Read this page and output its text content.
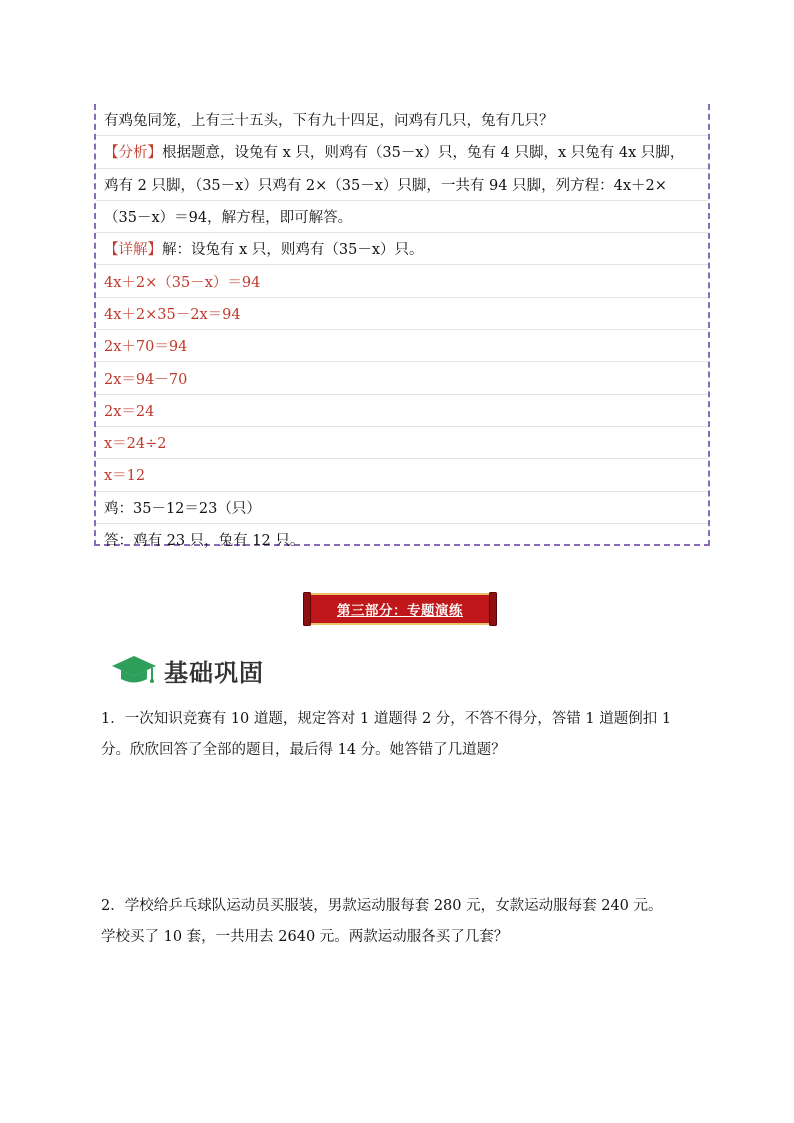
有鸡兔同笼，上有三十五头，下有九十四足，问鸡有几只，兔有几只？
【分析】 根据题意，设兔有 x 只，则鸡有（35－x）只，兔有 4 只脚，x 只兔有 4x 只脚，
鸡有 2 只脚，（35－x）只鸡有 2×（35－x）只脚，一共有 94 只脚，列方程：4x＋2×
（35－x）＝94，解方程，即可解答。
【详解】 解：设兔有 x 只，则鸡有（35－x）只。
4x＋2×（35－x）＝94
4x＋2×35－2x＝94
2x＋70＝94
2x＝94－70
2x＝24
x＝24÷2
x＝12
鸡：35－12＝23（只）
答：鸡有 23 只，兔有 12 只。
第三部分：专题演练
基础巩固
1．一次知识竞赛有 10 道题，规定答对 1 道题得 2 分，不答不得分，答错 1 道题倒扣 1
分。欣欣回答了全部的题目，最后得 14 分。她答错了几道题？
2．学校给乒乓球队运动员买服装，男款运动服每套 280 元，女款运动服每套 240 元。
学校买了 10 套，一共用去 2640 元。两款运动服各买了几套？
